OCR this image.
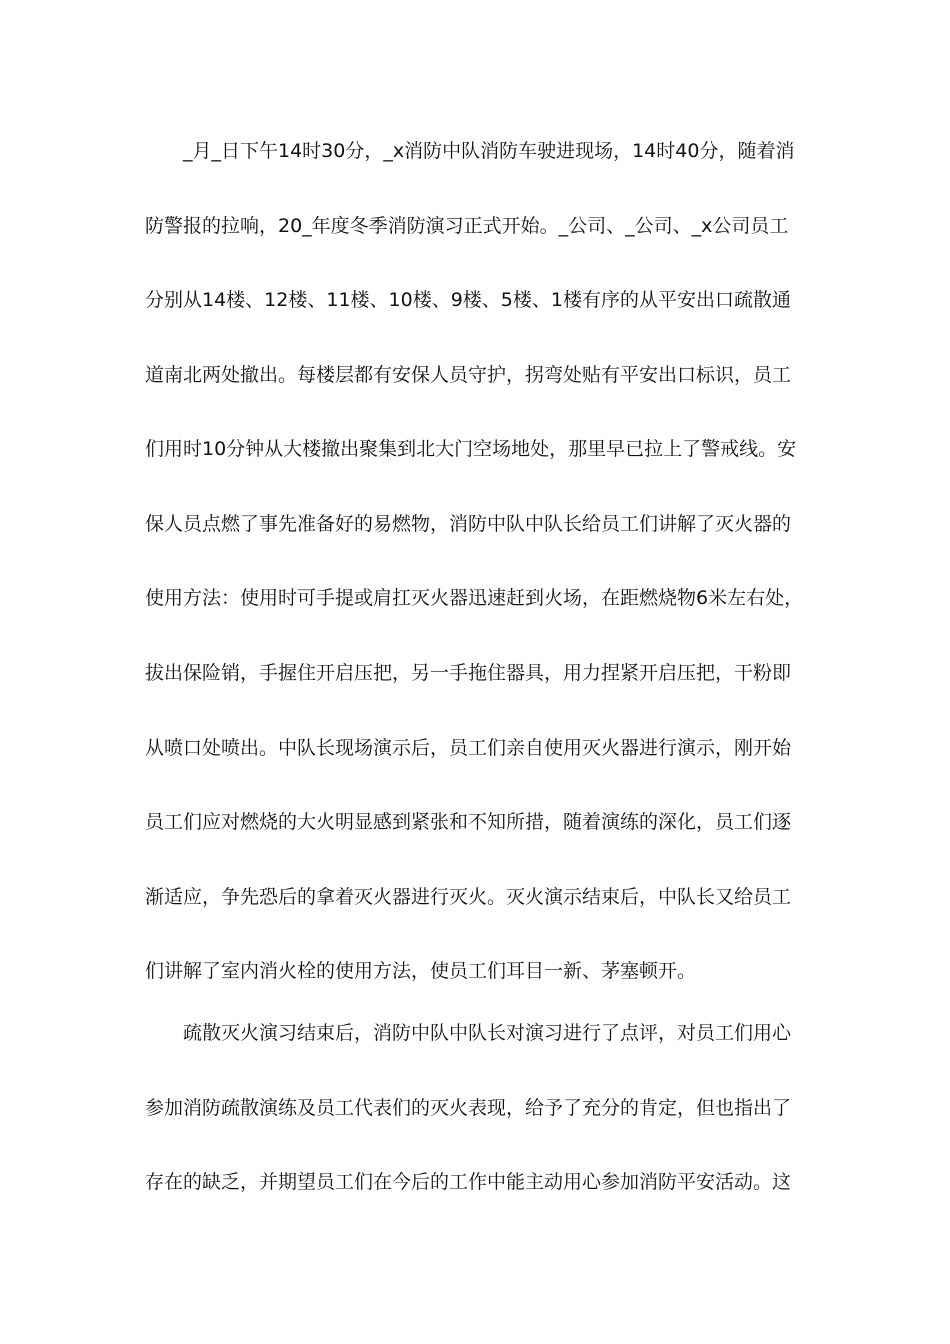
_月_日下午14时30分，_x消防中队消防车驶进现场，14时40分，随着消
防警报的拉响，20_年度冬季消防演习正式开始。_公司、_公司、_x公司员工
分别从14楼、12楼、11楼、10楼、9楼、5楼、1楼有序的从平安出口疏散通
道南北两处撤出。每楼层都有安保人员守护，拐弯处贴有平安出口标识，员工
们用时10分钟从大楼撤出聚集到北大门空场地处，那里早已拉上了警戒线。安
保人员点燃了事先准备好的易燃物，消防中队中队长给员工们讲解了灭火器的
使用方法：使用时可手提或肩扛灭火器迅速赶到火场，在距燃烧物6米左右处，
拔出保险销，手握住开启压把，另一手拖住器具，用力捏紧开启压把，干粉即
从喷口处喷出。中队长现场演示后，员工们亲自使用灭火器进行演示，刚开始
员工们应对燃烧的大火明显感到紧张和不知所措，随着演练的深化，员工们逐
渐适应，争先恐后的拿着灭火器进行灭火。灭火演示结束后，中队长又给员工
们讲解了室内消火栓的使用方法，使员工们耳目一新、茅塞顿开。
疏散灭火演习结束后，消防中队中队长对演习进行了点评，对员工们用心
参加消防疏散演练及员工代表们的灭火表现，给予了充分的肯定，但也指出了
存在的缺乏，并期望员工们在今后的工作中能主动用心参加消防平安活动。这
